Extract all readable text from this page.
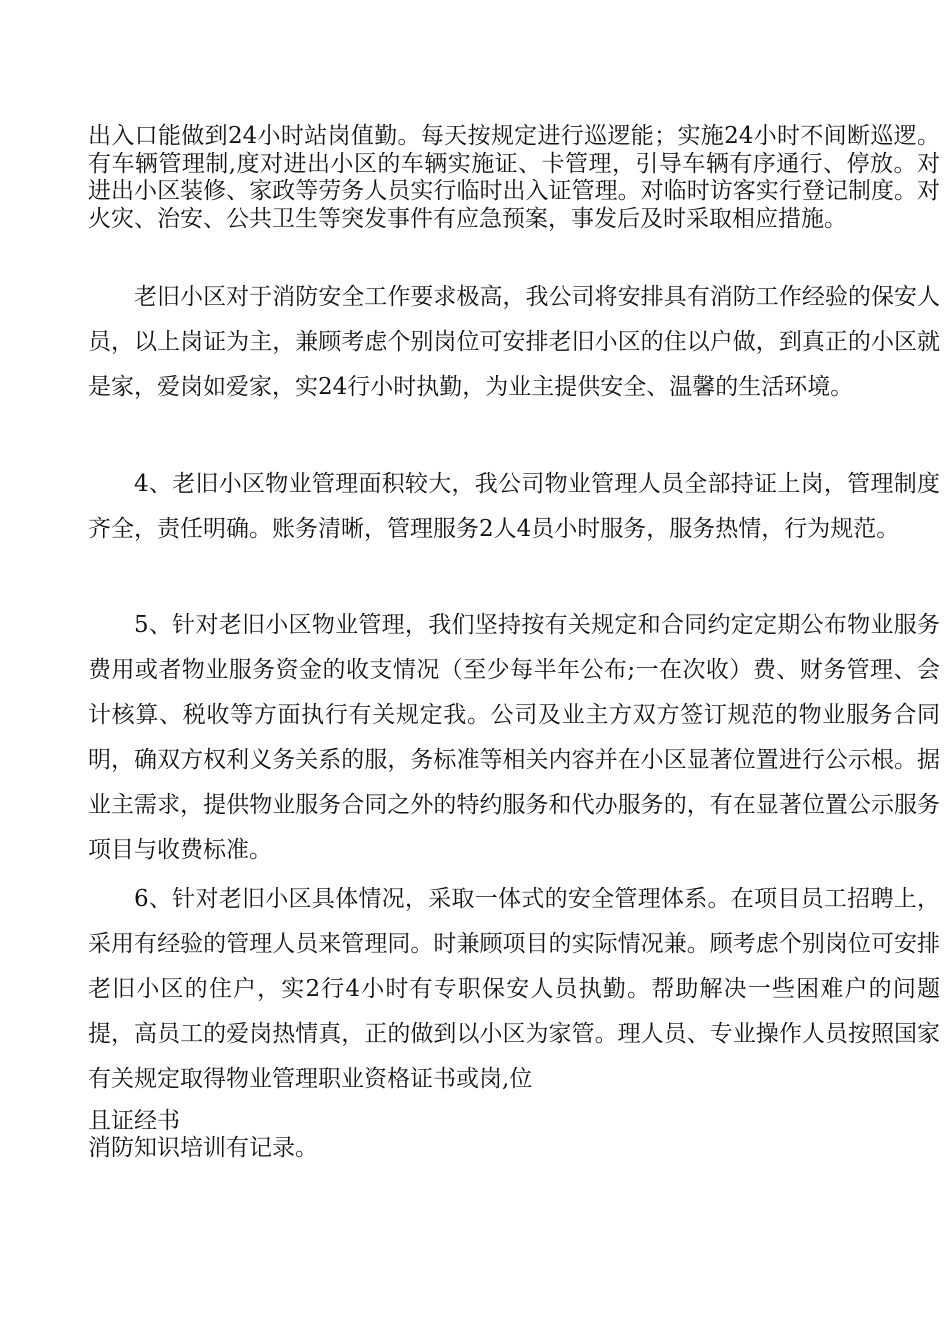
出入口能做到24小时站岗值勤。每天按规定进行巡逻能；实施24小时不间断巡逻。有车辆管理制,度对进出小区的车辆实施证、卡管理，引导车辆有序通行、停放。对进出小区装修、家政等劳务人员实行临时出入证管理。对临时访客实行登记制度。对火灾、治安、公共卫生等突发事件有应急预案，事发后及时采取相应措施。

老旧小区对于消防安全工作要求极高，我公司将安排具有消防工作经验的保安人员，以上岗证为主，兼顾考虑个别岗位可安排老旧小区的住以户做，到真正的小区就是家，爱岗如爱家，实24行小时执勤，为业主提供安全、温馨的生活环境。

4、老旧小区物业管理面积较大，我公司物业管理人员全部持证上岗，管理制度齐全，责任明确。账务清晰，管理服务2人4员小时服务，服务热情，行为规范。

5、针对老旧小区物业管理，我们坚持按有关规定和合同约定定期公布物业服务费用或者物业服务资金的收支情况（至少每半年公布;一在次收）费、财务管理、会计核算、税收等方面执行有关规定我。公司及业主方双方签订规范的物业服务合同明，确双方权利义务关系的服，务标准等相关内容并在小区显著位置进行公示根。据业主需求，提供物业服务合同之外的特约服务和代办服务的，有在显著位置公示服务项目与收费标准。

6、针对老旧小区具体情况，采取一体式的安全管理体系。在项目员工招聘上，采用有经验的管理人员来管理同。时兼顾项目的实际情况兼。顾考虑个别岗位可安排老旧小区的住户，实2行4小时有专职保安人员执勤。帮助解决一些困难户的问题提，高员工的爱岗热情真，正的做到以小区为家管。理人员、专业操作人员按照国家有关规定取得物业管理职业资格证书或岗,位

且证经书

消防知识培训有记录。
